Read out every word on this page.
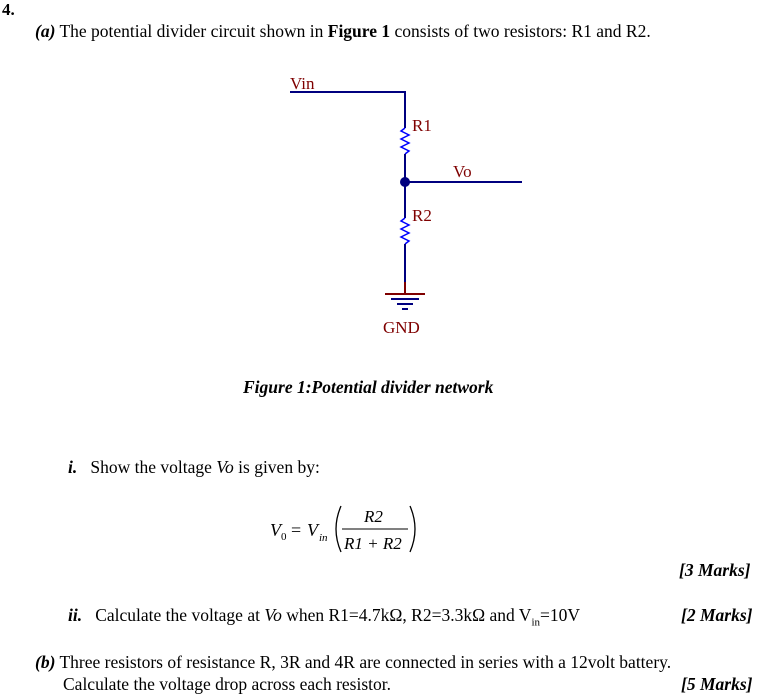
4.
(a) The potential divider circuit shown in Figure 1 consists of two resistors: R1 and R2.
Vin
R1
Vo
R2
GND
Figure 1:Potential divider network
i. Show the voltage Vo is given by:
V 0 = V in
R2
R1 + R2
[3 Marks]
ii. Calculate the voltage at Vo when R1=4.7kΩ, R2=3.3kΩ and $V_{in}=10V$	[2 Marks]
(b) Three resistors of resistance R, 3R and 4R are connected in series with a 12volt battery.
Calculate the voltage drop across each resistor.	[5 Marks]
